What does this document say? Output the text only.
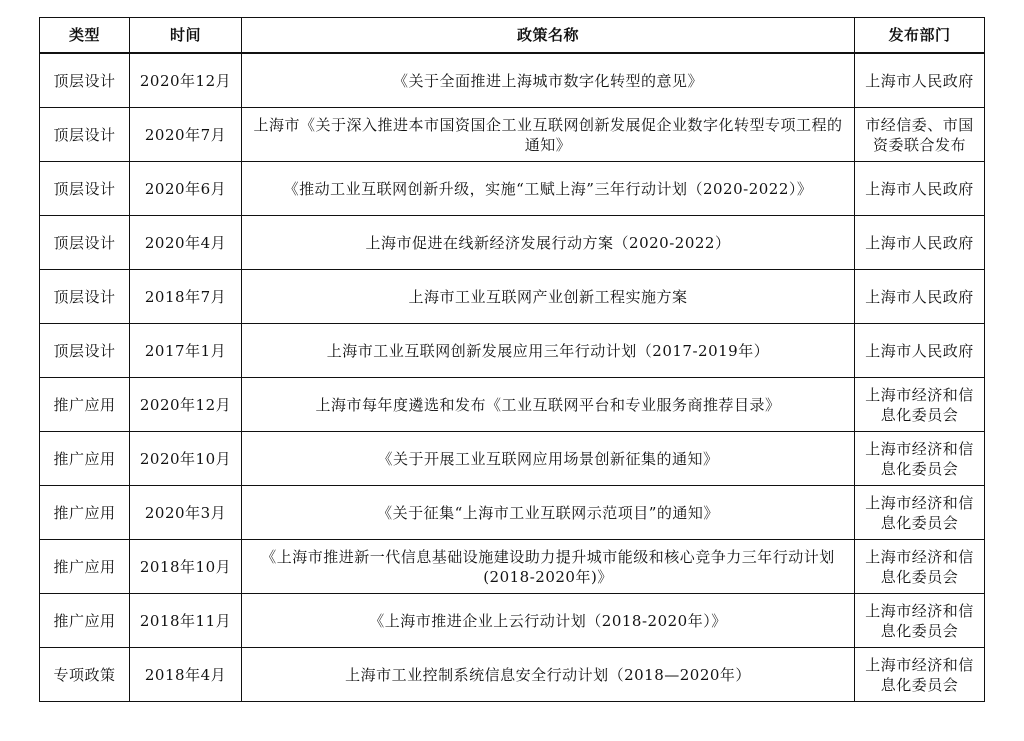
类型	时间	政策名称	发布部门
顶层设计	2020年12月	《关于全面推进上海城市数字化转型的意见》	上海市人民政府
顶层设计	2020年7月	上海市《关于深入推进本市国资国企工业互联网创新发展促企业数字化转型专项工程的通知》	市经信委、市国资委联合发布
顶层设计	2020年6月	《推动工业互联网创新升级，实施“工赋上海”三年行动计划（2020-2022）》	上海市人民政府
顶层设计	2020年4月	上海市促进在线新经济发展行动方案（2020-2022）	上海市人民政府
顶层设计	2018年7月	上海市工业互联网产业创新工程实施方案	上海市人民政府
顶层设计	2017年1月	上海市工业互联网创新发展应用三年行动计划（2017-2019年）	上海市人民政府
推广应用	2020年12月	上海市每年度遴选和发布《工业互联网平台和专业服务商推荐目录》	上海市经济和信息化委员会
推广应用	2020年10月	《关于开展工业互联网应用场景创新征集的通知》	上海市经济和信息化委员会
推广应用	2020年3月	《关于征集“上海市工业互联网示范项目”的通知》	上海市经济和信息化委员会
推广应用	2018年10月	《上海市推进新一代信息基础设施建设助力提升城市能级和核心竞争力三年行动计划(2018-2020年)》	上海市经济和信息化委员会
推广应用	2018年11月	《上海市推进企业上云行动计划（2018-2020年）》	上海市经济和信息化委员会
专项政策	2018年4月	上海市工业控制系统信息安全行动计划（2018—2020年）	上海市经济和信息化委员会
